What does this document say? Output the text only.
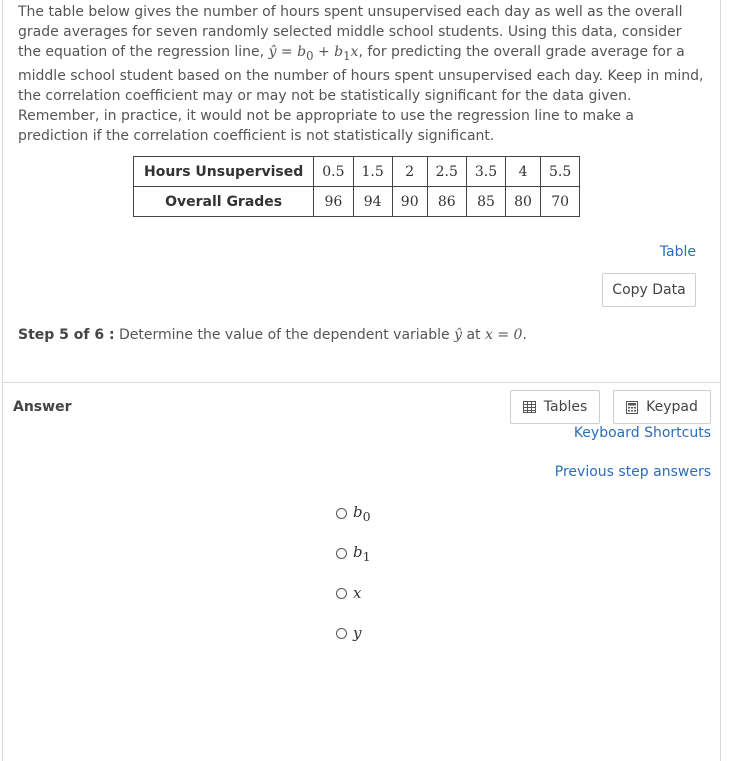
The table below gives the number of hours spent unsupervised each day as well as the overall grade averages for seven randomly selected middle school students. Using this data, consider the equation of the regression line, ŷ = $b_0 + b_1x$, for predicting the overall grade average for a middle school student based on the number of hours spent unsupervised each day. Keep in mind, the correlation coefficient may or may not be statistically significant for the data given. Remember, in practice, it would not be appropriate to use the regression line to make a prediction if the correlation coefficient is not statistically significant.
Hours Unsupervised	0.5	1.5	2	2.5	3.5	4	5.5
Overall Grades	96	94	90	86	85	80	70
Table
Copy Data
Step 5 of 6 : Determine the value of the dependent variable ŷ at x = 0.
Answer	Tables	Keypad
Keyboard Shortcuts
Previous step answers
$b_0$
$b_1$
x
y
